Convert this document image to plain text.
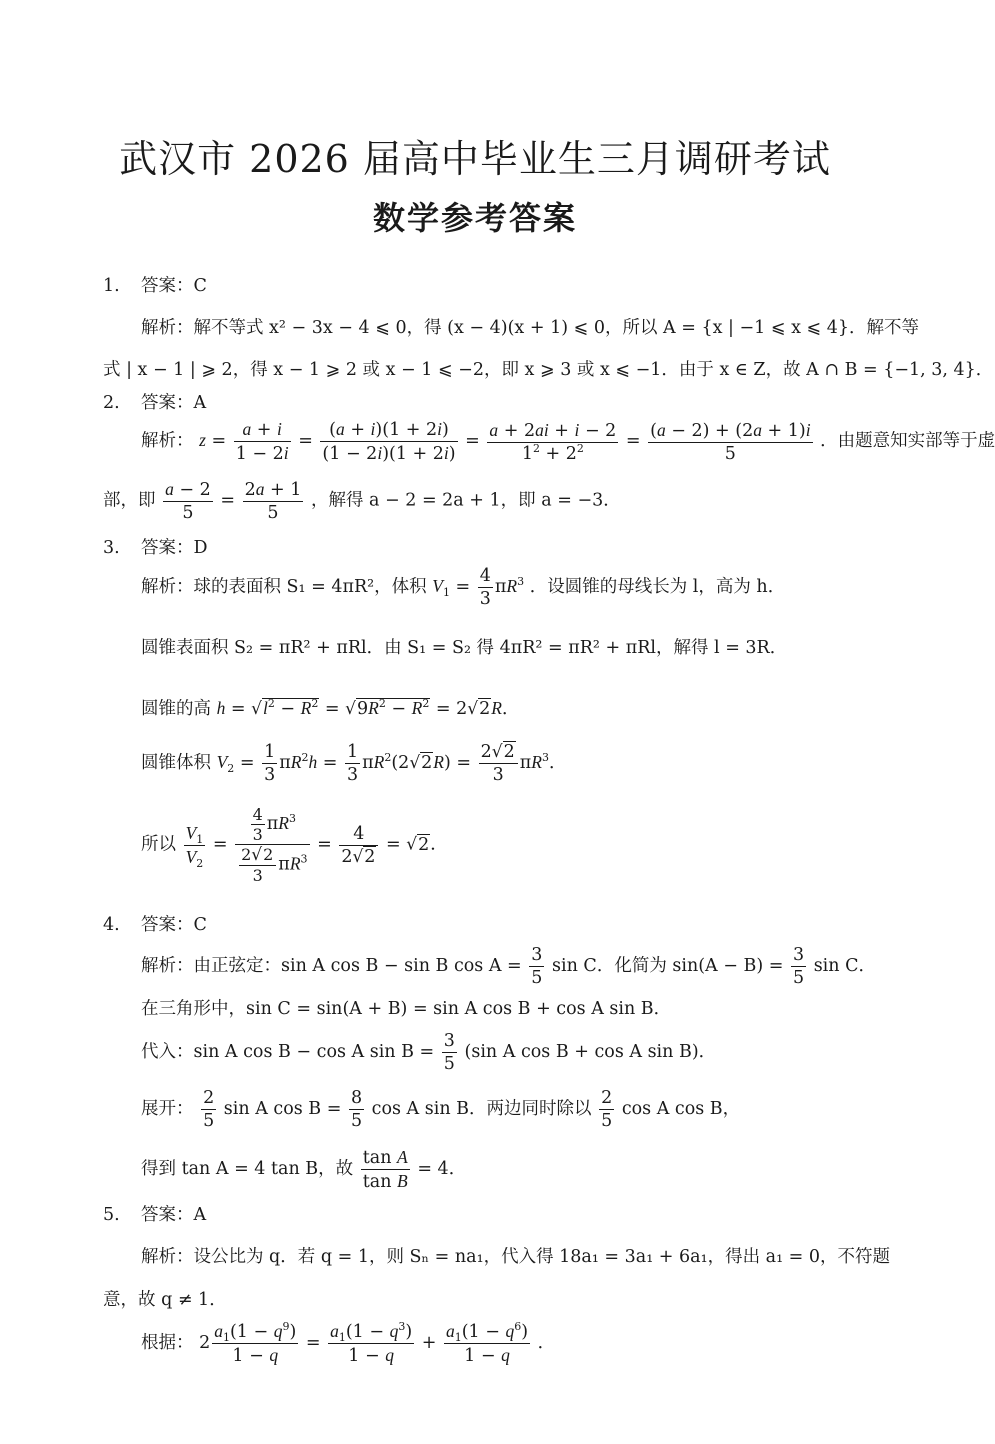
武汉市 2026 届高中毕业生三月调研考试
数学参考答案
1. 答案：C
解析：解不等式 x² − 3x − 4 ⩽ 0，得 (x − 4)(x + 1) ⩽ 0，所以 A = {x | −1 ⩽ x ⩽ 4}．解不等
式 | x − 1 | ⩾ 2，得 x − 1 ⩾ 2 或 x − 1 ⩽ −2，即 x ⩾ 3 或 x ⩽ −1．由于 x ∈ Z，故 A ∩ B = {−1, 3, 4}．
2. 答案：A
解析： $z = \frac{a + i}{1 - 2i} = \frac{(a + i)(1 + 2i)}{(1 - 2i)(1 + 2i)} = \frac{a + 2ai + i - 2}{1^2 + 2^2} = \frac{(a - 2) + (2a + 1)i}{5}$ ．由题意知实部等于虚
部，即 $\frac{a - 2}{5} = \frac{2a + 1}{5}$ ，解得 a − 2 = 2a + 1，即 a = −3．
3. 答案：D
解析：球的表面积 S₁ = 4πR²，体积 $V_1 = \frac{4}{3} \pi R^3$ ．设圆锥的母线长为 l，高为 h．
圆锥表面积 S₂ = πR² + πRl．由 S₁ = S₂ 得 4πR² = πR² + πRl，解得 l = 3R．
圆锥的高 $h = √l^2 - R^2 = √9R^2 - R^2 = 2√2R$．
圆锥体积 $V_2 = \frac{1}{3} \pi R^2h = \frac{1}{3} \pi R^2(2√2R) = \frac{2√2}{3} \pi R^3$．
所以 $\frac{V_1}{V_2} = \frac{\frac{4}{3} \pi R^3}{\frac{2√2}{3} \pi R^3} = \frac{4}{2√2} = √2$．
4. 答案：C
解析：由正弦定：sin A cos B − sin B $\cos A = \frac{3}{5}$ sin C．化简为 $\sin(A - B) = \frac{3}{5}$ sin C．
在三角形中，sin C = sin(A + B) = sin A cos B + cos A sin B．
代入：sin A cos B − cos A $\sin B = \frac{3}{5} (\sin$ A cos B + cos A sin B)．
展开： $\frac{2}{5}$ sin A $\cos B = \frac{8}{5}$ cos A sin B．两边同时除以 $\frac{2}{5}$ cos A cos B，
得到 tan A = 4 tan B，故 $\frac{\text{tan A}}{\text{tan B}} = 4$．
5. 答案：A
解析：设公比为 q．若 q = 1，则 Sₙ = na₁，代入得 18a₁ = 3a₁ + 6a₁，得出 a₁ = 0，不符题
意，故 q ≠ 1．
根据： $2 \frac{a_1(1 - q^9)}{1 - q} = \frac{a_1(1 - q^3)}{1 - q} + \frac{a_1(1 - q^6)}{1 - q}$ ．
